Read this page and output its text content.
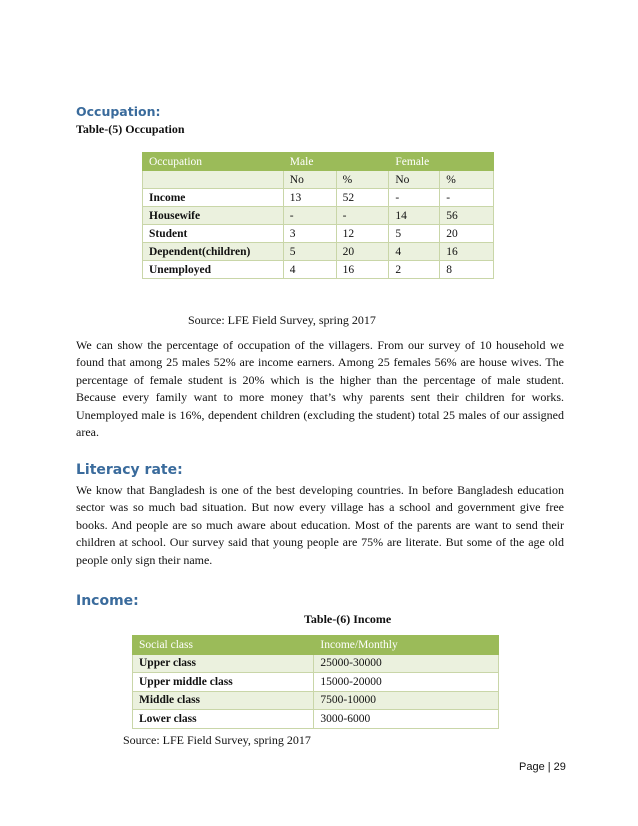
Occupation:
Table-(5) Occupation
Occupation	Male		Female	
	No	%	No	%
Income	13	52	-	-
Housewife	-	-	14	56
Student	3	12	5	20
Dependent(children)	5	20	4	16
Unemployed	4	16	2	8
Source: LFE Field Survey, spring 2017
We can show the percentage of occupation of the villagers. From our survey of 10 household we found that among 25 males 52% are income earners. Among 25 females 56% are house wives. The percentage of female student is 20% which is the higher than the percentage of male student. Because every family want to more money that’s why parents sent their children for works. Unemployed male is 16%, dependent children (excluding the student) total 25 males of our assigned area.
Literacy rate:
We know that Bangladesh is one of the best developing countries. In before Bangladesh education sector was so much bad situation. But now every village has a school and government give free books. And people are so much aware about education. Most of the parents are want to send their children at school. Our survey said that young people are 75% are literate. But some of the age old people only sign their name.
Income:
Table-(6) Income
Social class	Income/Monthly
Upper class	25000-30000
Upper middle class	15000-20000
Middle class	7500-10000
Lower class	3000-6000
Source: LFE Field Survey, spring 2017
Page | 29
